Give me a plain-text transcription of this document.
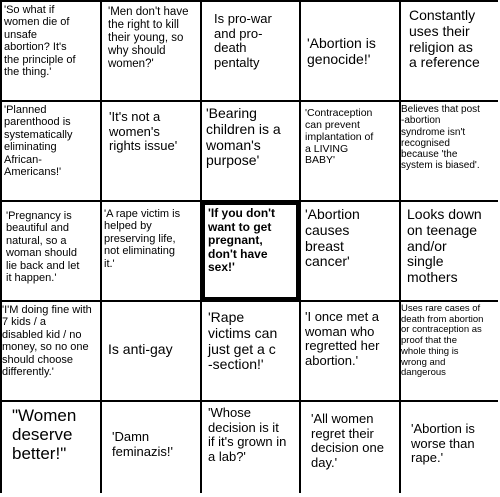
'So what if
women die of
unsafe
abortion? It's
the principle of
the thing.'
'Men don't have
the right to kill
their young, so
why should
women?'
Is pro-war
and pro-
death
pentalty
'Abortion is
genocide!'
Constantly
uses their
religion as
a reference
'Planned
parenthood is
systematically
eliminating
African-
Americans!'
'It's not a
women's
rights issue'
'Bearing
children is a
woman's
purpose'
'Contraception
can prevent
implantation of
a LIVING
BABY'
Believes that post
-abortion
syndrome isn't
recognised
because 'the
system is biased'.
'Pregnancy is
beautiful and
natural, so a
woman should
lie back and let
it happen.'
'A rape victim is
helped by
preserving life,
not eliminating
it.'
'If you don't
want to get
pregnant,
don't have
sex!'
'Abortion
causes
breast
cancer'
Looks down
on teenage
and/or
single
mothers
'I'M doing fine with
7 kids / a
disabled kid / no
money, so no one
should choose
differently.'
Is anti-gay
'Rape
victims can
just get a c
-section!'
'I once met a
woman who
regretted her
abortion.'
Uses rare cases of
death from abortion
or contraception as
proof that the
whole thing is
wrong and
dangerous
"Women
deserve
better!"
'Damn
feminazis!'
'Whose
decision is it
if it's grown in
a lab?'
'All women
regret their
decision one
day.'
'Abortion is
worse than
rape.'
